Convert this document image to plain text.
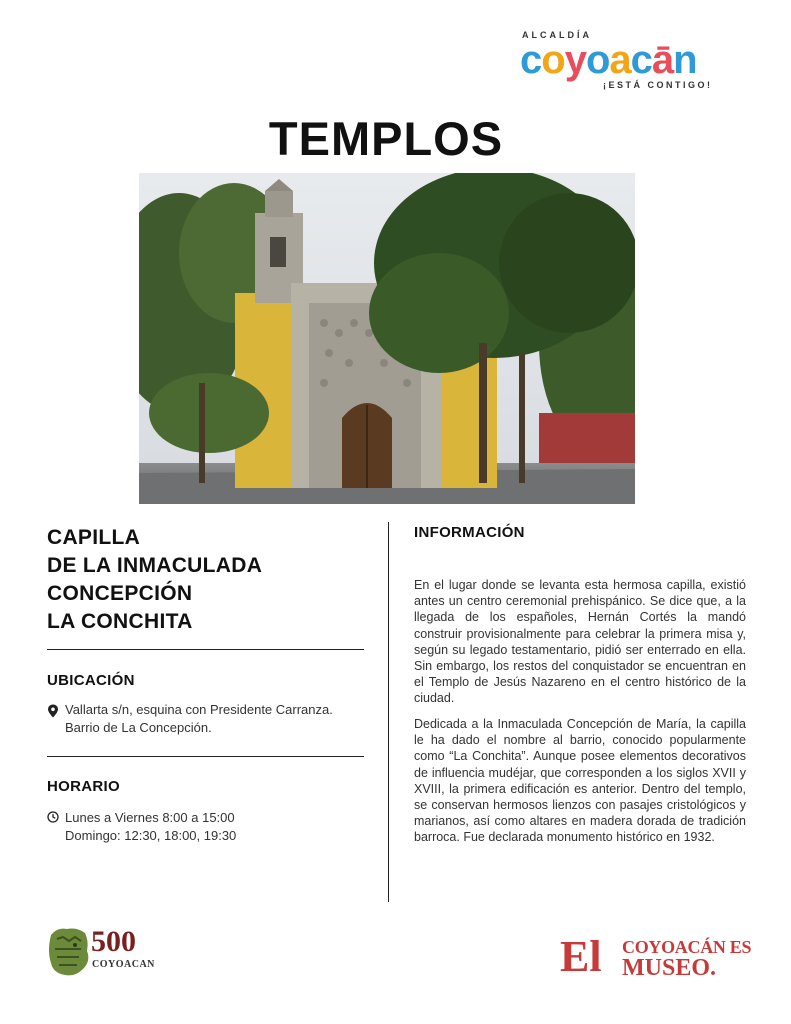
ALCALDÍA
coyoacān
¡ESTÁ CONTIGO!
TEMPLOS
CAPILLA
DE LA INMACULADA
CONCEPCIÓN
LA CONCHITA
UBICACIÓN
Vallarta s/n, esquina con Presidente Carranza.
Barrio de La Concepción.
HORARIO
Lunes a Viernes 8:00 a 15:00
Domingo: 12:30, 18:00, 19:30
INFORMACIÓN
En el lugar donde se levanta esta hermosa capilla, existió antes un centro ceremonial prehispánico. Se dice que, a la llegada de los españoles, Hernán Cortés la mandó construir provisionalmente para celebrar la primera misa y, según su legado testamentario, pidió ser enterrado en ella. Sin embargo, los restos del conquistador se encuentran en el Templo de Jesús Nazareno en el centro histórico de la ciudad.
Dedicada a la Inmaculada Concepción de María, la capilla le ha dado el nombre al barrio, conocido popularmente como “La Conchita”. Aunque posee elementos decorativos de influencia mudéjar, que corresponden a los siglos XVII y XVIII, la primera edificación es anterior. Dentro del templo, se conservan hermosos lienzos con pasajes cristológicos y marianos, así como altares en madera dorada de tradición barroca. Fue declarada monumento histórico en 1932.
500
COYOACAN	El COYOACÁN ES
MUSEO.
